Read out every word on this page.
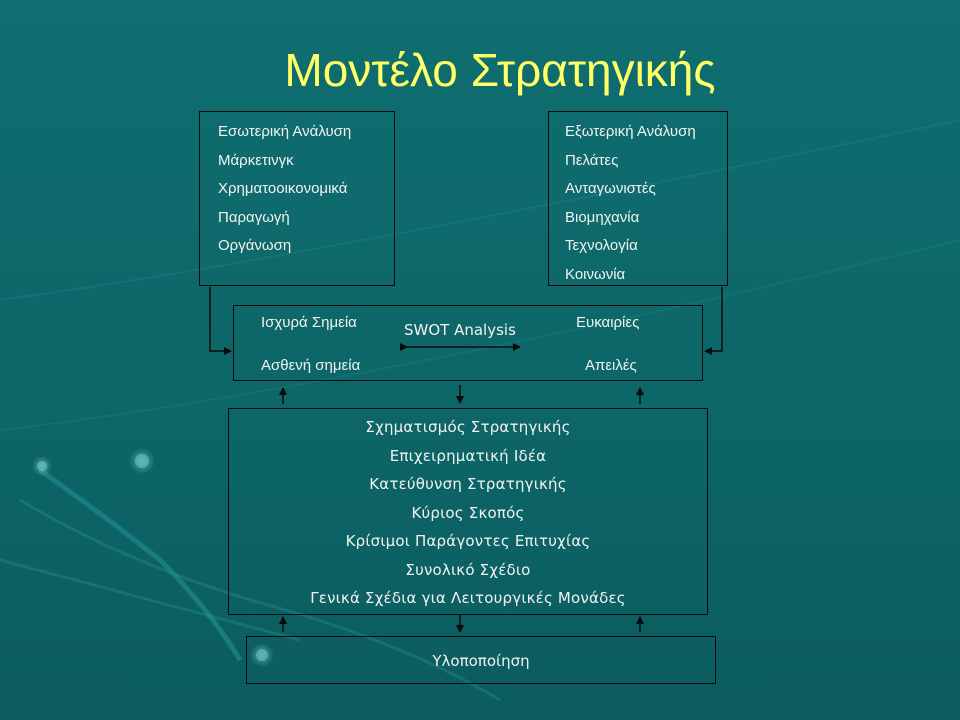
Μοντέλο Στρατηγικής
Εσωτερική Ανάλυση
Μάρκετινγκ
Χρηματοοικονομικά
Παραγωγή
Οργάνωση
Εξωτερική Ανάλυση
Πελάτες
Ανταγωνιστές
Βιομηχανία
Τεχνολογία
Κοινωνία
Ισχυρά Σημεία
Ασθενή σημεία
SWOT Analysis	Ευκαιρίες
Απειλές
Σχηματισμός Στρατηγικής
Επιχειρηματική Ιδέα
Κατεύθυνση Στρατηγικής
Κύριος Σκοπός
Κρίσιμοι Παράγοντες Επιτυχίας
Συνολικό Σχέδιο
Γενικά Σχέδια για Λειτουργικές Μονάδες
Υλοποποίηση
